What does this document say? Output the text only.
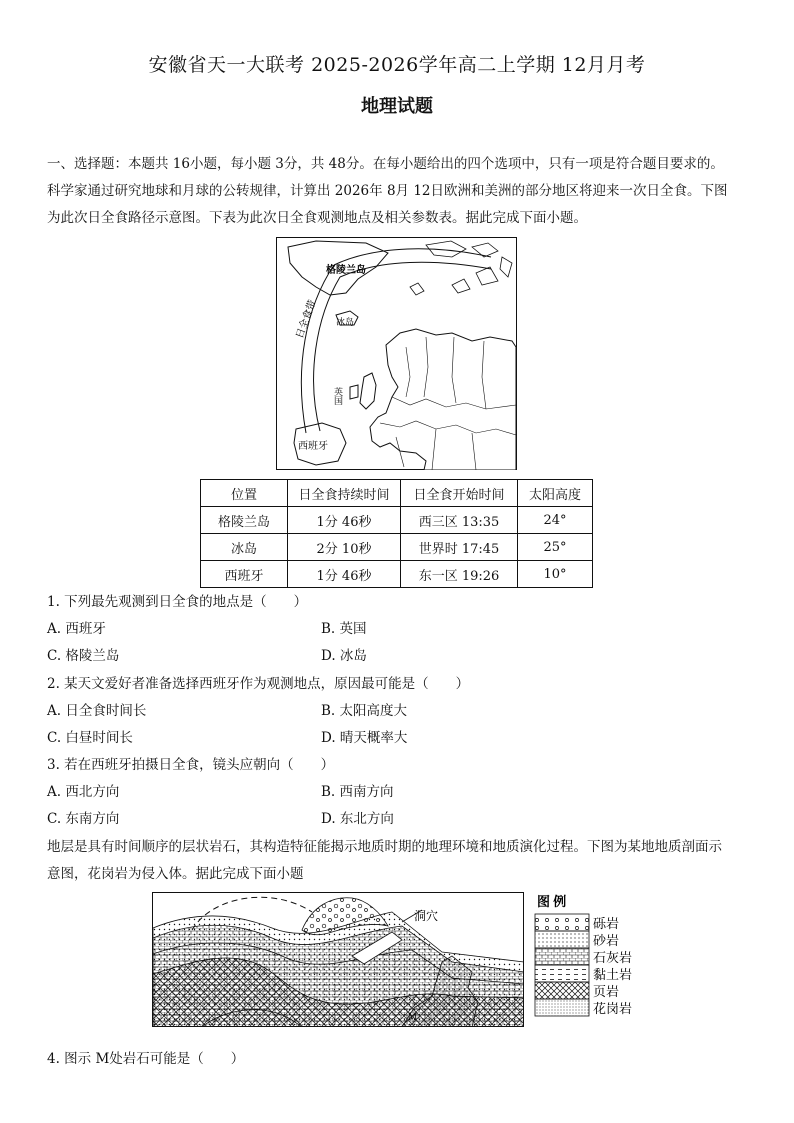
安徽省天一大联考 2025-2026学年高二上学期 12月月考
地理试题
一、选择题：本题共 16小题，每小题 3分，共 48分。在每小题给出的四个选项中，只有一项是符合题目要求的。
科学家通过研究地球和月球的公转规律，计算出 2026年 8月 12日欧洲和美洲的部分地区将迎来一次日全食。下图
为此次日全食路径示意图。下表为此次日全食观测地点及相关参数表。据此完成下面小题。
格陵兰岛
冰岛
日全食带
英国
西班牙
位置	日全食持续时间	日全食开始时间	太阳高度
格陵兰岛	1分 46秒	西三区 13:35	24°
冰岛	2分 10秒	世界时 17:45	25°
西班牙	1分 46秒	东一区 19:26	10°
1. 下列最先观测到日全食的地点是（　　）
A. 西班牙	B. 英国
C. 格陵兰岛	D. 冰岛
2. 某天文爱好者准备选择西班牙作为观测地点，原因最可能是（　　）
A. 日全食时间长	B. 太阳高度大
C. 白昼时间长	D. 晴天概率大
3. 若在西班牙拍摄日全食，镜头应朝向（　　）
A. 西北方向	B. 西南方向
C. 东南方向	D. 东北方向
地层是具有时间顺序的层状岩石，其构造特征能揭示地质时期的地理环境和地质演化过程。下图为某地地质剖面示
意图，花岗岩为侵入体。据此完成下面小题
洞穴
M
图 例
砾岩
砂岩
石灰岩
黏土岩
页岩
花岗岩
4. 图示 M处岩石可能是（　　）
